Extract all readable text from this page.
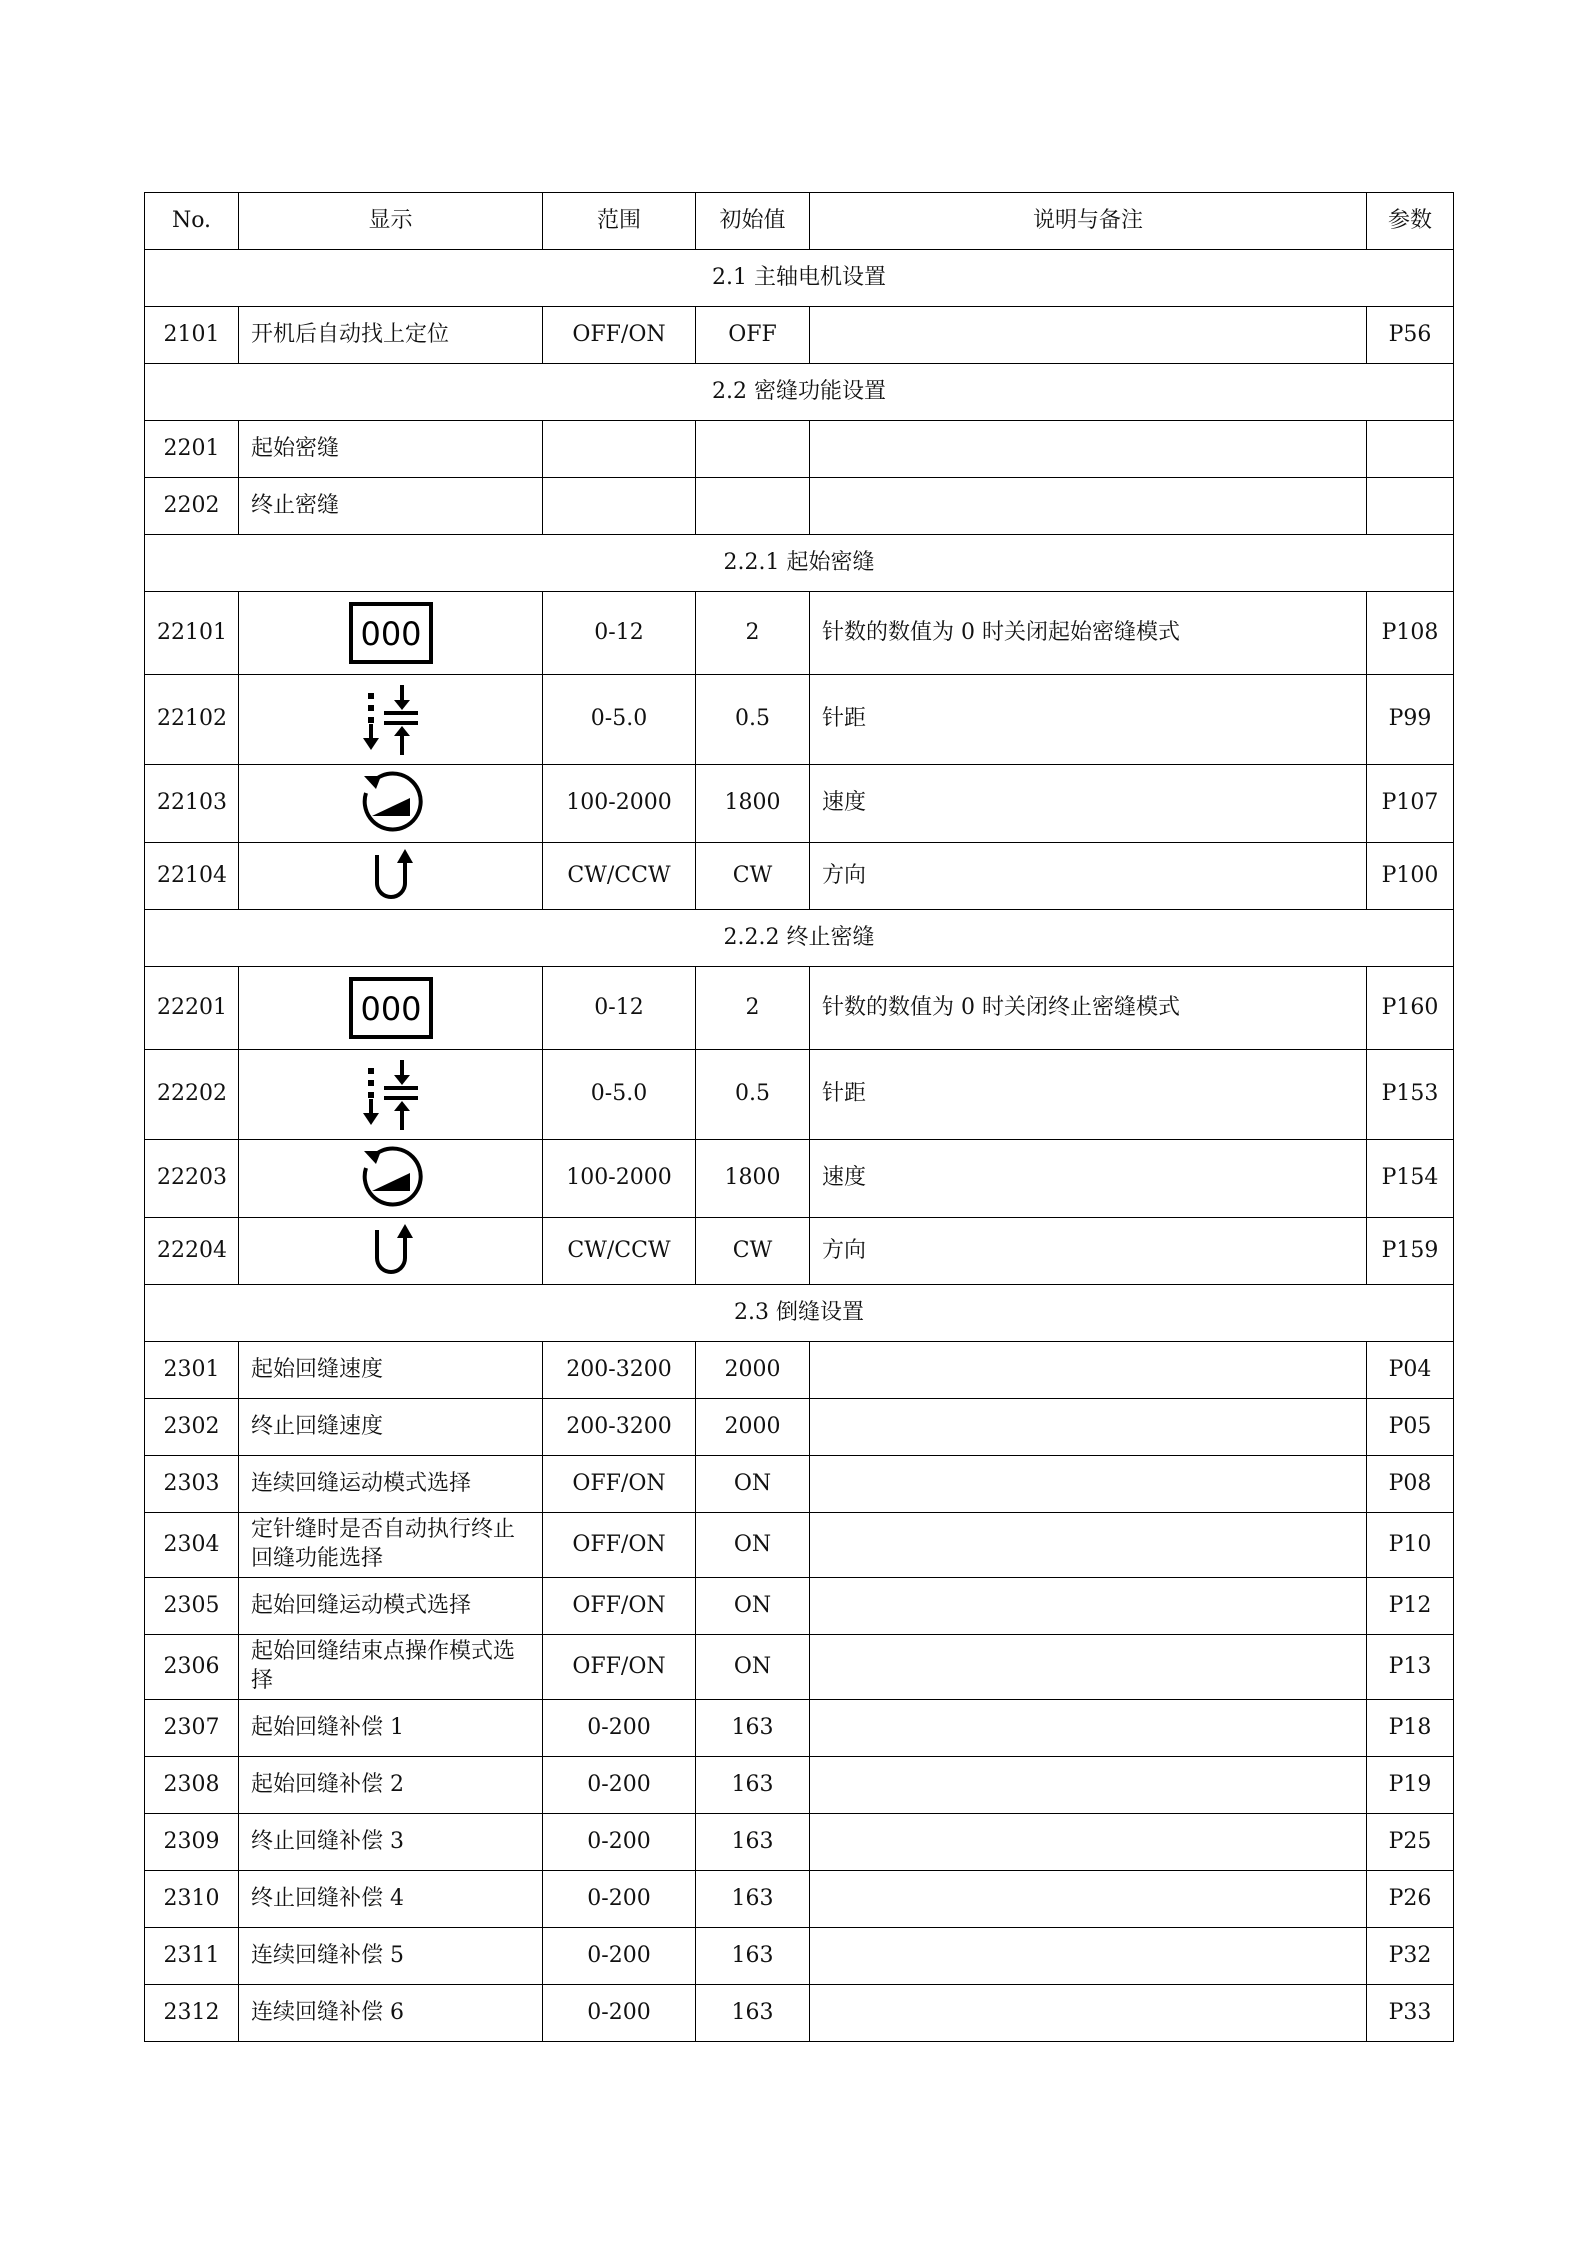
No.	显示	范围	初始值	说明与备注	参数
2.1 主轴电机设置					
2101	开机后自动找上定位	OFF/ON	OFF		P56
2.2 密缝功能设置					
2201	起始密缝				
2202	终止密缝				
2.2.1 起始密缝					
22101	000	0-12	2	针数的数值为 0 时关闭起始密缝模式	P108
22102		0-5.0	0.5	针距	P99
22103		100-2000	1800	速度	P107
22104		CW/CCW	CW	方向	P100
2.2.2 终止密缝					
22201	000	0-12	2	针数的数值为 0 时关闭终止密缝模式	P160
22202		0-5.0	0.5	针距	P153
22203		100-2000	1800	速度	P154
22204		CW/CCW	CW	方向	P159
2.3 倒缝设置					
2301	起始回缝速度	200-3200	2000		P04
2302	终止回缝速度	200-3200	2000		P05
2303	连续回缝运动模式选择	OFF/ON	ON		P08
2304	定针缝时是否自动执行终止回缝功能选择	OFF/ON	ON		P10
2305	起始回缝运动模式选择	OFF/ON	ON		P12
2306	起始回缝结束点操作模式选择	OFF/ON	ON		P13
2307	起始回缝补偿 1	0-200	163		P18
2308	起始回缝补偿 2	0-200	163		P19
2309	终止回缝补偿 3	0-200	163		P25
2310	终止回缝补偿 4	0-200	163		P26
2311	连续回缝补偿 5	0-200	163		P32
2312	连续回缝补偿 6	0-200	163		P33
